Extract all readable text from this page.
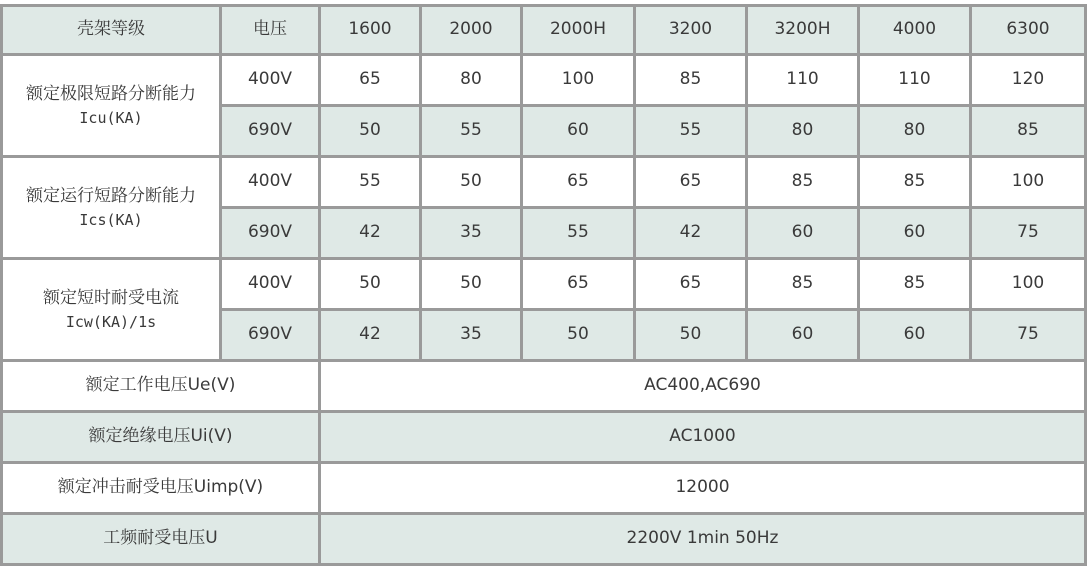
壳架等级	电压	1600	2000	2000H	3200	3200H	4000	6300
额定极限短路分断能力
Icu(KA)	400V	65	80	100	85	110	110	120
	690V	50	55	60	55	80	80	85
额定运行短路分断能力
Ics(KA)	400V	55	50	65	65	85	85	100
	690V	42	35	55	42	60	60	75
额定短时耐受电流
Icw(KA)/1s	400V	50	50	65	65	85	85	100
	690V	42	35	50	50	60	60	75
额定工作电压Ue(V)		AC400,AC690						
额定绝缘电压Ui(V)		AC1000						
额定冲击耐受电压Uimp(V)		12000						
工频耐受电压U		2200V 1min 50Hz						
